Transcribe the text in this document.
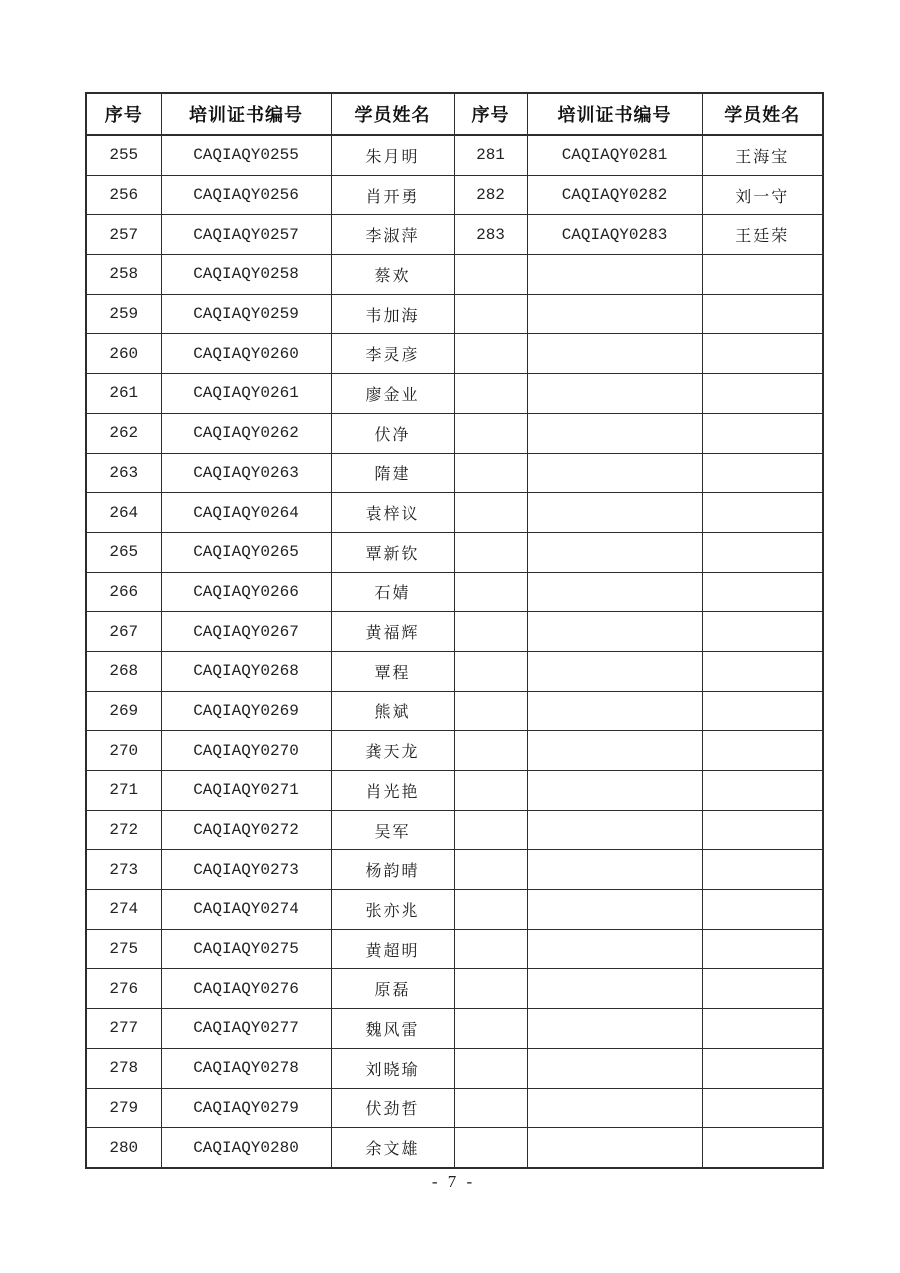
序号	培训证书编号	学员姓名	序号	培训证书编号	学员姓名
255	CAQIAQY0255	朱月明	281	CAQIAQY0281	王海宝
256	CAQIAQY0256	肖开勇	282	CAQIAQY0282	刘一守
257	CAQIAQY0257	李淑萍	283	CAQIAQY0283	王廷荣
258	CAQIAQY0258	蔡欢			
259	CAQIAQY0259	韦加海			
260	CAQIAQY0260	李灵彦			
261	CAQIAQY0261	廖金业			
262	CAQIAQY0262	伏净			
263	CAQIAQY0263	隋建			
264	CAQIAQY0264	袁梓议			
265	CAQIAQY0265	覃新钦			
266	CAQIAQY0266	石婧			
267	CAQIAQY0267	黄福辉			
268	CAQIAQY0268	覃程			
269	CAQIAQY0269	熊斌			
270	CAQIAQY0270	龚天龙			
271	CAQIAQY0271	肖光艳			
272	CAQIAQY0272	吴军			
273	CAQIAQY0273	杨韵晴			
274	CAQIAQY0274	张亦兆			
275	CAQIAQY0275	黄超明			
276	CAQIAQY0276	原磊			
277	CAQIAQY0277	魏风雷			
278	CAQIAQY0278	刘晓瑜			
279	CAQIAQY0279	伏劲哲			
280	CAQIAQY0280	余文雄			
- 7 -
